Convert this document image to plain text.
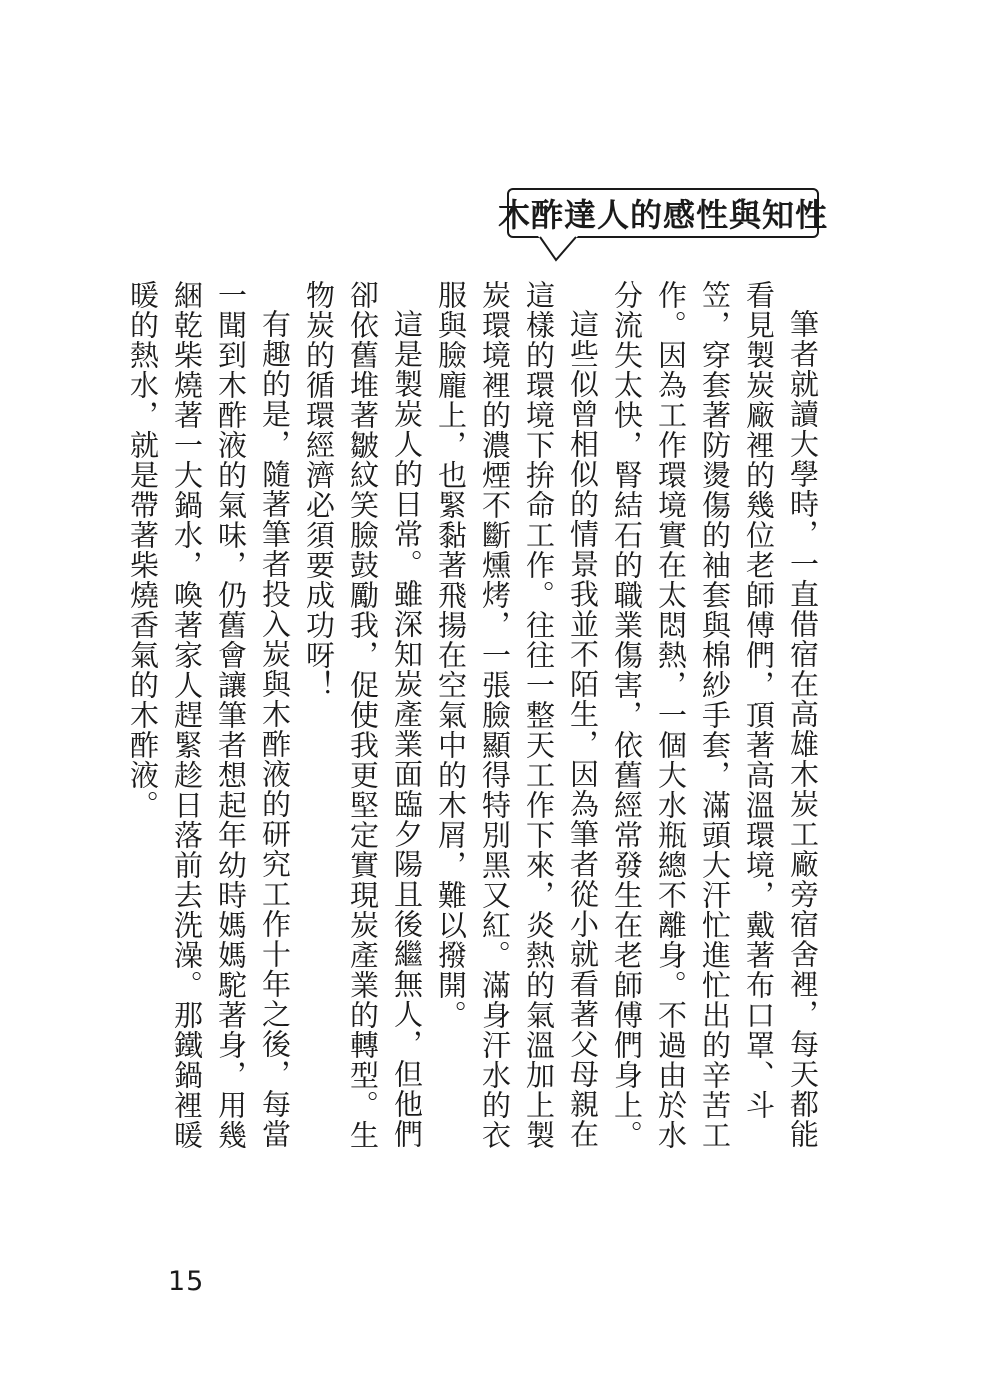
木酢達人的感性與知性

筆者就讀大學時，一直借宿在高雄木炭工廠旁宿舍裡，每天都能看見製炭廠裡的幾位老師傅們，頂著高溫環境，戴著布口罩、斗笠，穿套著防燙傷的袖套與棉紗手套，滿頭大汗忙進忙出的辛苦工作。因為工作環境實在太悶熱，一個大水瓶總不離身。不過由於水分流失太快，腎結石的職業傷害，依舊經常發生在老師傅們身上。

這些似曾相似的情景我並不陌生，因為筆者從小就看著父母親在這樣的環境下拚命工作。往往一整天工作下來，炎熱的氣溫加上製炭環境裡的濃煙不斷燻烤，一張臉顯得特別黑又紅。滿身汗水的衣服與臉龐上，也緊黏著飛揚在空氣中的木屑，難以撥開。

這是製炭人的日常。雖深知炭產業面臨夕陽且後繼無人，但他們卻依舊堆著皺紋笑臉鼓勵我，促使我更堅定實現炭產業的轉型。生物炭的循環經濟必須要成功呀！

有趣的是，隨著筆者投入炭與木酢液的研究工作十年之後，每當一聞到木酢液的氣味，仍舊會讓筆者想起年幼時媽媽駝著身，用幾綑乾柴燒著一大鍋水，喚著家人趕緊趁日落前去洗澡。那鐵鍋裡暖暖的熱水，就是帶著柴燒香氣的木酢液。

15
